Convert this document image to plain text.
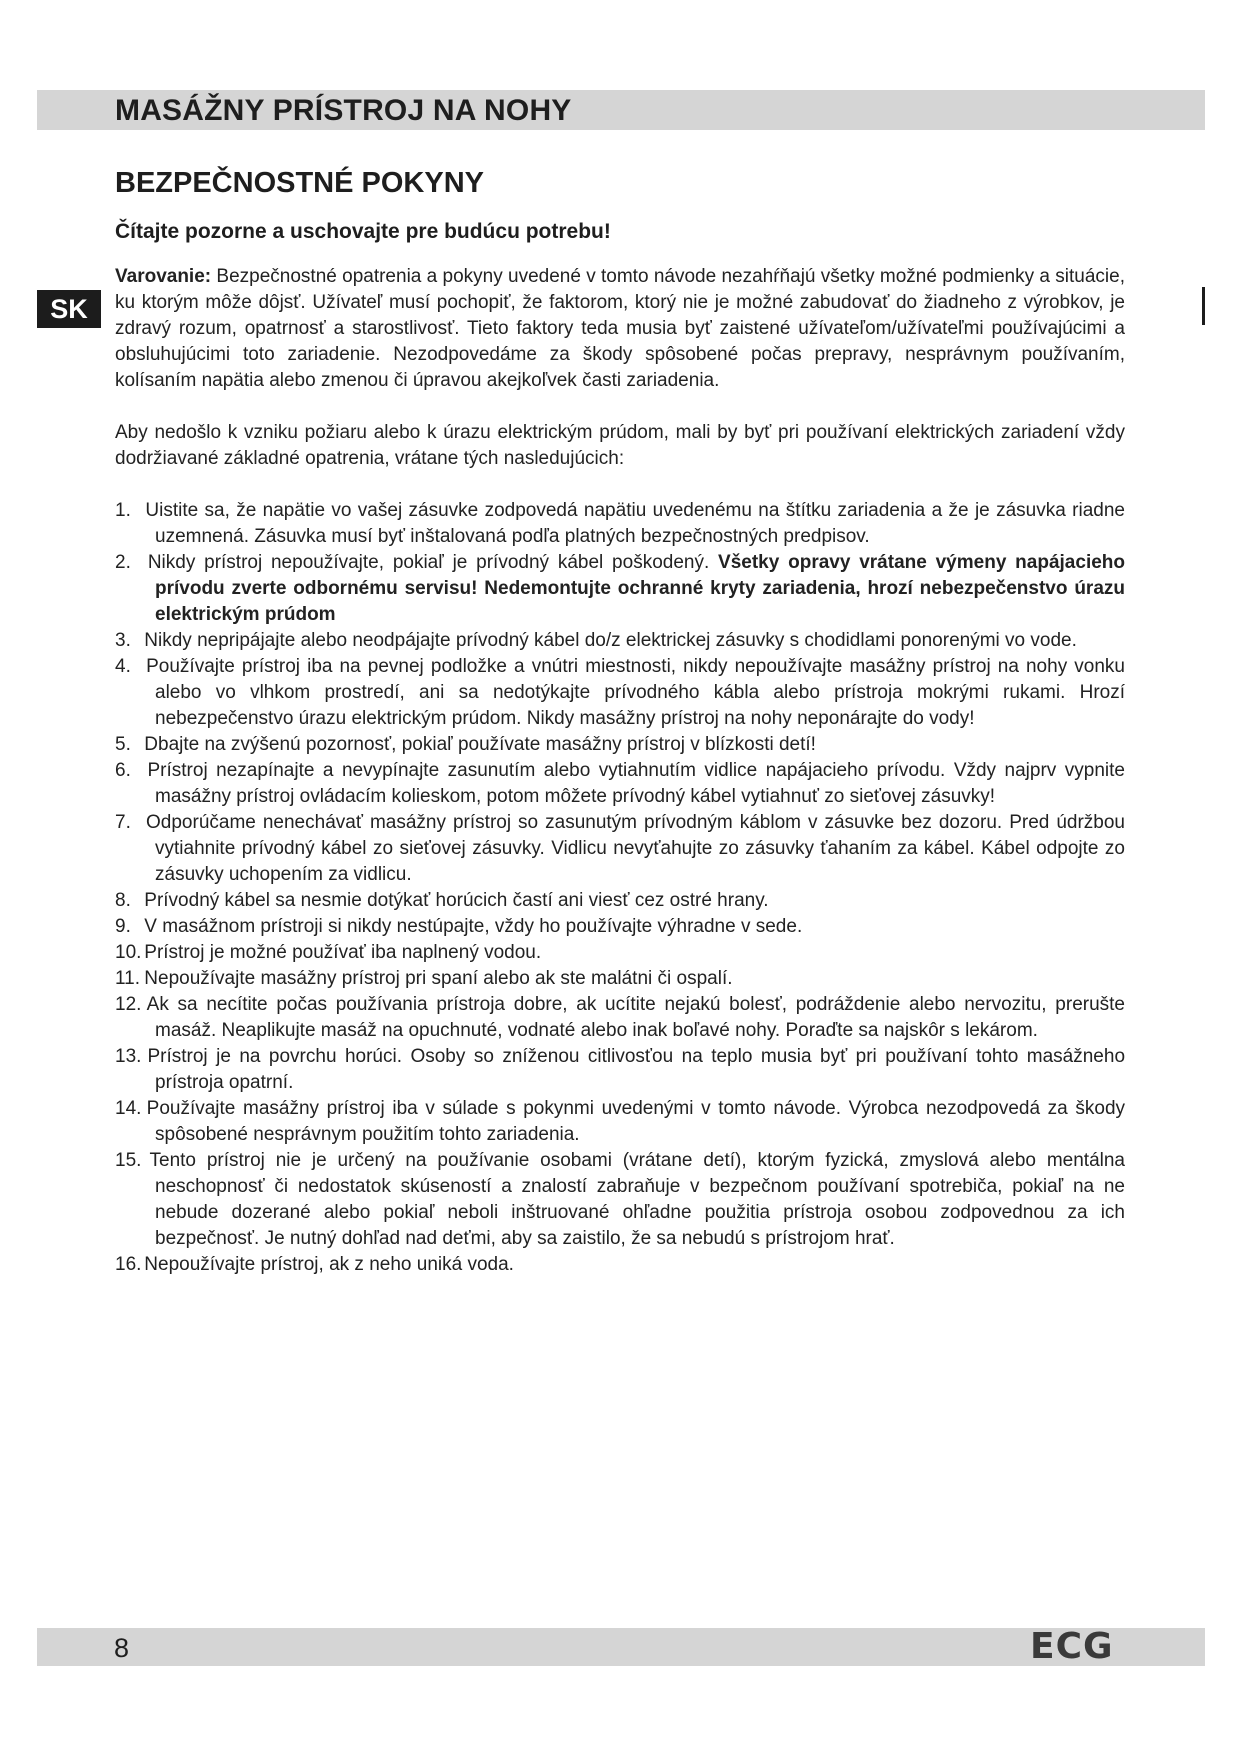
MASÁŽNY PRÍSTROJ NA NOHY
BEZPEČNOSTNÉ POKYNY

Čítajte pozorne a uschovajte pre budúcu potrebu!

SK

Varovanie: Bezpečnostné opatrenia a pokyny uvedené v tomto návode nezahŕňajú všetky možné podmienky a situácie, ku ktorým môže dôjsť. Užívateľ musí pochopiť, že faktorom, ktorý nie je možné zabudovať do žiadneho z výrobkov, je zdravý rozum, opatrnosť a starostlivosť. Tieto faktory teda musia byť zaistené užívateľom/užívateľmi používajúcimi a obsluhujúcimi toto zariadenie. Nezodpovedáme za škody spôsobené počas prepravy, nesprávnym používaním, kolísaním napätia alebo zmenou či úpravou akejkoľvek časti zariadenia.

Aby nedošlo k vzniku požiaru alebo k úrazu elektrickým prúdom, mali by byť pri používaní elektrických zariadení vždy dodržiavané základné opatrenia, vrátane tých nasledujúcich:

1. Uistite sa, že napätie vo vašej zásuvke zodpovedá napätiu uvedenému na štítku zariadenia a že je zásuvka riadne uzemnená. Zásuvka musí byť inštalovaná podľa platných bezpečnostných predpisov.
2. Nikdy prístroj nepoužívajte, pokiaľ je prívodný kábel poškodený. Všetky opravy vrátane výmeny napájacieho prívodu zverte odbornému servisu! Nedemontujte ochranné kryty zariadenia, hrozí nebezpečenstvo úrazu elektrickým prúdom
3. Nikdy nepripájajte alebo neodpájajte prívodný kábel do/z elektrickej zásuvky s chodidlami ponorenými vo vode.
4. Používajte prístroj iba na pevnej podložke a vnútri miestnosti, nikdy nepoužívajte masážny prístroj na nohy vonku alebo vo vlhkom prostredí, ani sa nedotýkajte prívodného kábla alebo prístroja mokrými rukami. Hrozí nebezpečenstvo úrazu elektrickým prúdom. Nikdy masážny prístroj na nohy neponárajte do vody!
5. Dbajte na zvýšenú pozornosť, pokiaľ používate masážny prístroj v blízkosti detí!
6. Prístroj nezapínajte a nevypínajte zasunutím alebo vytiahnutím vidlice napájacieho prívodu. Vždy najprv vypnite masážny prístroj ovládacím kolieskom, potom môžete prívodný kábel vytiahnuť zo sieťovej zásuvky!
7. Odporúčame nenechávať masážny prístroj so zasunutým prívodným káblom v zásuvke bez dozoru. Pred údržbou vytiahnite prívodný kábel zo sieťovej zásuvky. Vidlicu nevyťahujte zo zásuvky ťahaním za kábel. Kábel odpojte zo zásuvky uchopením za vidlicu.
8. Prívodný kábel sa nesmie dotýkať horúcich častí ani viesť cez ostré hrany.
9. V masážnom prístroji si nikdy nestúpajte, vždy ho používajte výhradne v sede.
10. Prístroj je možné používať iba naplnený vodou.
11. Nepoužívajte masážny prístroj pri spaní alebo ak ste malátni či ospalí.
12. Ak sa necítite počas používania prístroja dobre, ak ucítite nejakú bolesť, podráždenie alebo nervozitu, prerušte masáž. Neaplikujte masáž na opuchnuté, vodnaté alebo inak boľavé nohy. Poraďte sa najskôr s lekárom.
13. Prístroj je na povrchu horúci. Osoby so zníženou citlivosťou na teplo musia byť pri používaní tohto masážneho prístroja opatrní.
14. Používajte masážny prístroj iba v súlade s pokynmi uvedenými v tomto návode. Výrobca nezodpovedá za škody spôsobené nesprávnym použitím tohto zariadenia.
15. Tento prístroj nie je určený na používanie osobami (vrátane detí), ktorým fyzická, zmyslová alebo mentálna neschopnosť či nedostatok skúseností a znalostí zabraňuje v bezpečnom používaní spotrebiča, pokiaľ na ne nebude dozerané alebo pokiaľ neboli inštruované ohľadne použitia prístroja osobou zodpovednou za ich bezpečnosť. Je nutný dohľad nad deťmi, aby sa zaistilo, že sa nebudú s prístrojom hrať.
16. Nepoužívajte prístroj, ak z neho uniká voda.
8	ECG
